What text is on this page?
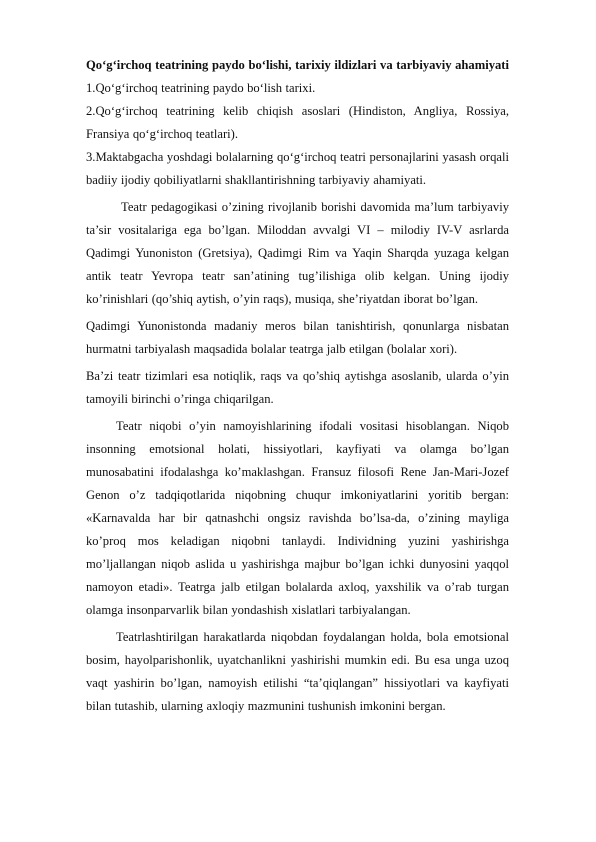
Qo‘g‘irchoq teatrining paydo bo‘lishi, tarixiy ildizlari va tarbiyaviy ahamiyati

1.Qo‘g‘irchoq teatrining paydo bo‘lish tarixi.

2.Qo‘g‘irchoq teatrining kelib chiqish asoslari (Hindiston, Angliya, Rossiya, Fransiya qo‘g‘irchoq teatlari).

3.Maktabgacha yoshdagi bolalarning qo‘g‘irchoq teatri personajlarini yasash orqali badiiy ijodiy qobiliyatlarni shakllantirishning tarbiyaviy ahamiyati.

Teatr pedagogikasi o’zining rivojlanib borishi davomida ma’lum tarbiyaviy ta’sir vositalariga ega bo’lgan. Miloddan avvalgi VI – milodiy IV-V asrlarda Qadimgi Yunoniston (Gretsiya), Qadimgi Rim va Yaqin Sharqda yuzaga kelgan antik teatr Yevropa teatr san’atining tug’ilishiga olib kelgan. Uning ijodiy ko’rinishlari (qo’shiq aytish, o’yin raqs), musiqa, she’riyatdan iborat bo’lgan.

Qadimgi Yunonistonda madaniy meros bilan tanishtirish, qonunlarga nisbatan hurmatni tarbiyalash maqsadida bolalar teatrga jalb etilgan (bolalar xori).

Ba’zi teatr tizimlari esa notiqlik, raqs va qo’shiq aytishga asoslanib, ularda o’yin tamoyili birinchi o’ringa chiqarilgan.

Teatr niqobi o’yin namoyishlarining ifodali vositasi hisoblangan. Niqob insonning emotsional holati, hissiyotlari, kayfiyati va olamga bo’lgan munosabatini ifodalashga ko’maklashgan. Fransuz filosofi Rene Jan-Mari-Jozef Genon o’z tadqiqotlarida niqobning chuqur imkoniyatlarini yoritib bergan: «Karnavalda har bir qatnashchi ongsiz ravishda bo’lsa-da, o’zining mayliga ko’proq mos keladigan niqobni tanlaydi. Individning yuzini yashirishga mo’ljallangan niqob aslida u yashirishga majbur bo’lgan ichki dunyosini yaqqol namoyon etadi». Teatrga jalb etilgan bolalarda axloq, yaxshilik va o’rab turgan olamga insonparvarlik bilan yondashish xislatlari tarbiyalangan.

Teatrlashtirilgan harakatlarda niqobdan foydalangan holda, bola emotsional bosim, hayolparishonlik, uyatchanlikni yashirishi mumkin edi. Bu esa unga uzoq vaqt yashirin bo’lgan, namoyish etilishi “ta’qiqlangan” hissiyotlari va kayfiyati bilan tutashib, ularning axloqiy mazmunini tushunish imkonini bergan.
